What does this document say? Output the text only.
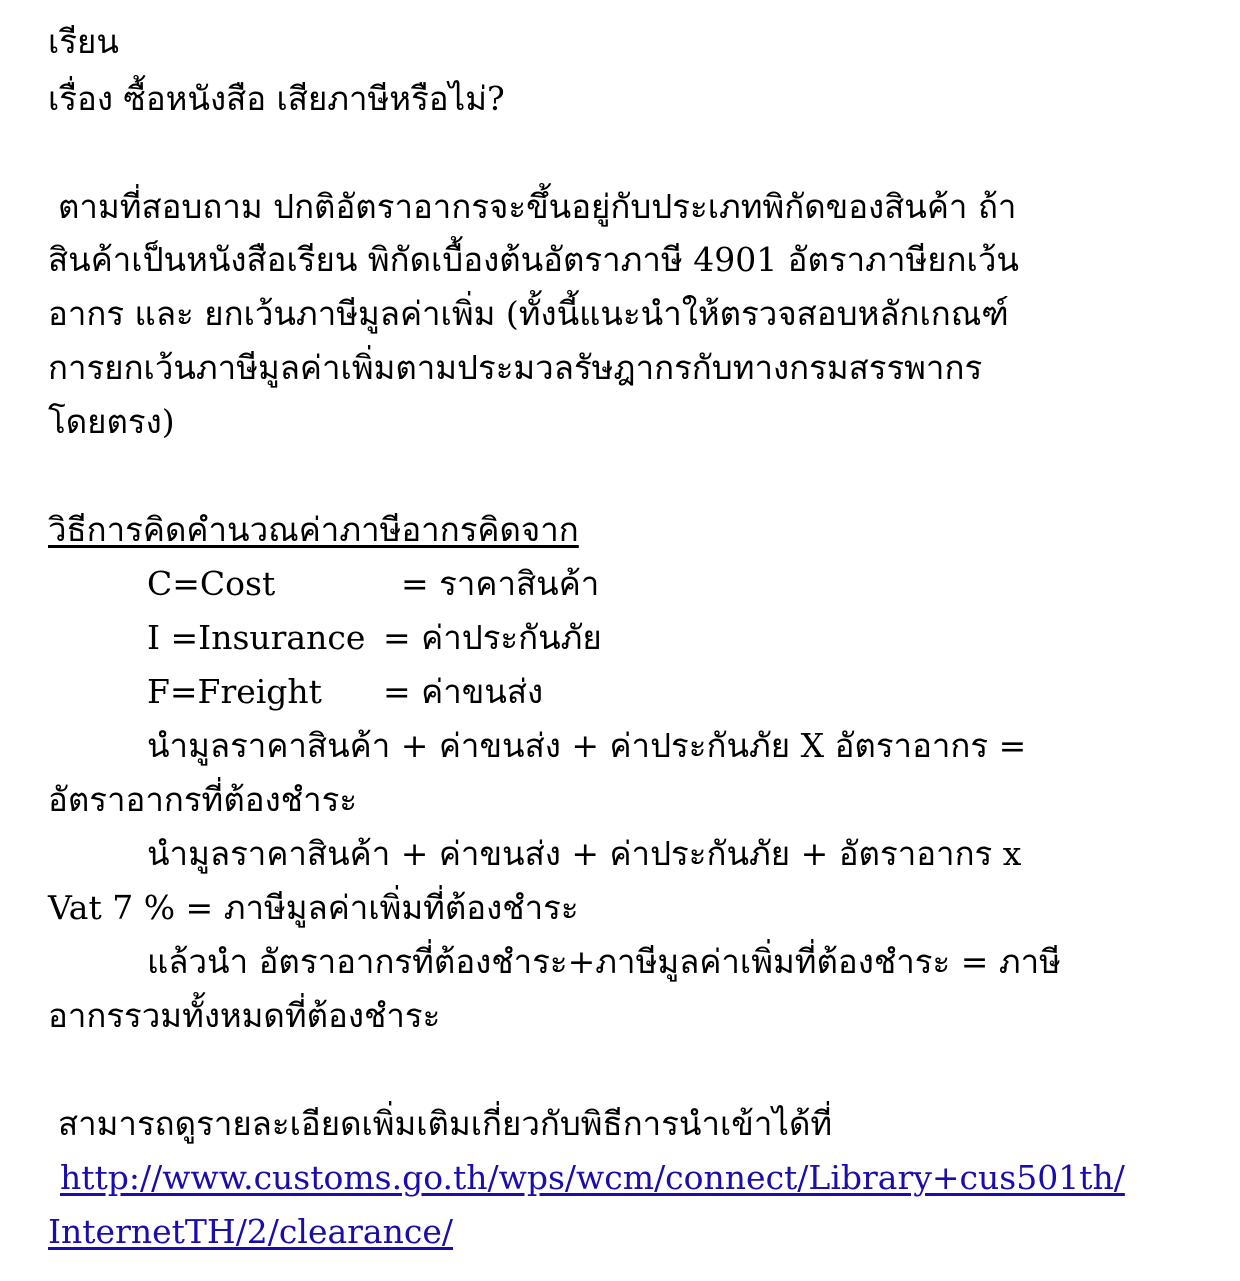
เรียน
เรื่อง ซื้อหนังสือ เสียภาษีหรือไม่?
ตามที่สอบถาม ปกติอัตราอากรจะขึ้นอยู่กับประเภทพิกัดของสินค้า ถ้า
สินค้าเป็นหนังสือเรียน พิกัดเบื้องต้นอัตราภาษี 4901 อัตราภาษียกเว้น
อากร และ ยกเว้นภาษีมูลค่าเพิ่ม (ทั้งนี้แนะนำให้ตรวจสอบหลักเกณฑ์
การยกเว้นภาษีมูลค่าเพิ่มตามประมวลรัษฎากรกับทางกรมสรรพากร
โดยตรง)
วิธีการคิดคำนวณค่าภาษีอากรคิดจาก
C=Cost	= ราคาสินค้า
I =Insurance = ค่าประกันภัย
F=Freight = ค่าขนส่ง
นำมูลราคาสินค้า + ค่าขนส่ง + ค่าประกันภัย X อัตราอากร =
อัตราอากรที่ต้องชำระ
นำมูลราคาสินค้า + ค่าขนส่ง + ค่าประกันภัย + อัตราอากร x
Vat 7 % = ภาษีมูลค่าเพิ่มที่ต้องชำระ
แล้วนำ อัตราอากรที่ต้องชำระ+ภาษีมูลค่าเพิ่มที่ต้องชำระ = ภาษี
อากรรวมทั้งหมดที่ต้องชำระ
สามารถดูรายละเอียดเพิ่มเติมเกี่ยวกับพิธีการนำเข้าได้ที่
http://www.customs.go.th/wps/wcm/connect/Library+cus501th/
InternetTH/2/clearance/
